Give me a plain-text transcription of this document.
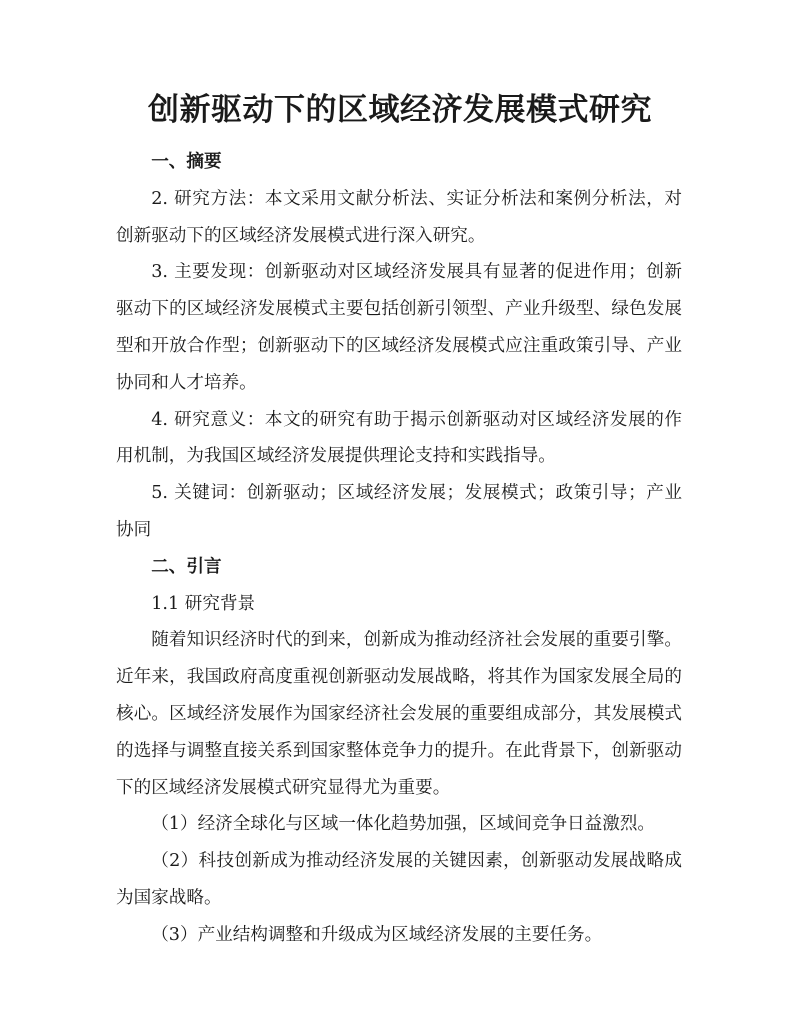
创新驱动下的区域经济发展模式研究
一、摘要

2. 研究方法：本文采用文献分析法、实证分析法和案例分析法，对创新驱动下的区域经济发展模式进行深入研究。

3. 主要发现：创新驱动对区域经济发展具有显著的促进作用；创新驱动下的区域经济发展模式主要包括创新引领型、产业升级型、绿色发展型和开放合作型；创新驱动下的区域经济发展模式应注重政策引导、产业协同和人才培养。

4. 研究意义：本文的研究有助于揭示创新驱动对区域经济发展的作用机制，为我国区域经济发展提供理论支持和实践指导。

5. 关键词：创新驱动；区域经济发展；发展模式；政策引导；产业协同

二、引言

1.1 研究背景

随着知识经济时代的到来，创新成为推动经济社会发展的重要引擎。近年来，我国政府高度重视创新驱动发展战略，将其作为国家发展全局的核心。区域经济发展作为国家经济社会发展的重要组成部分，其发展模式的选择与调整直接关系到国家整体竞争力的提升。在此背景下，创新驱动下的区域经济发展模式研究显得尤为重要。

（1）经济全球化与区域一体化趋势加强，区域间竞争日益激烈。

（2）科技创新成为推动经济发展的关键因素，创新驱动发展战略成为国家战略。

（3）产业结构调整和升级成为区域经济发展的主要任务。
